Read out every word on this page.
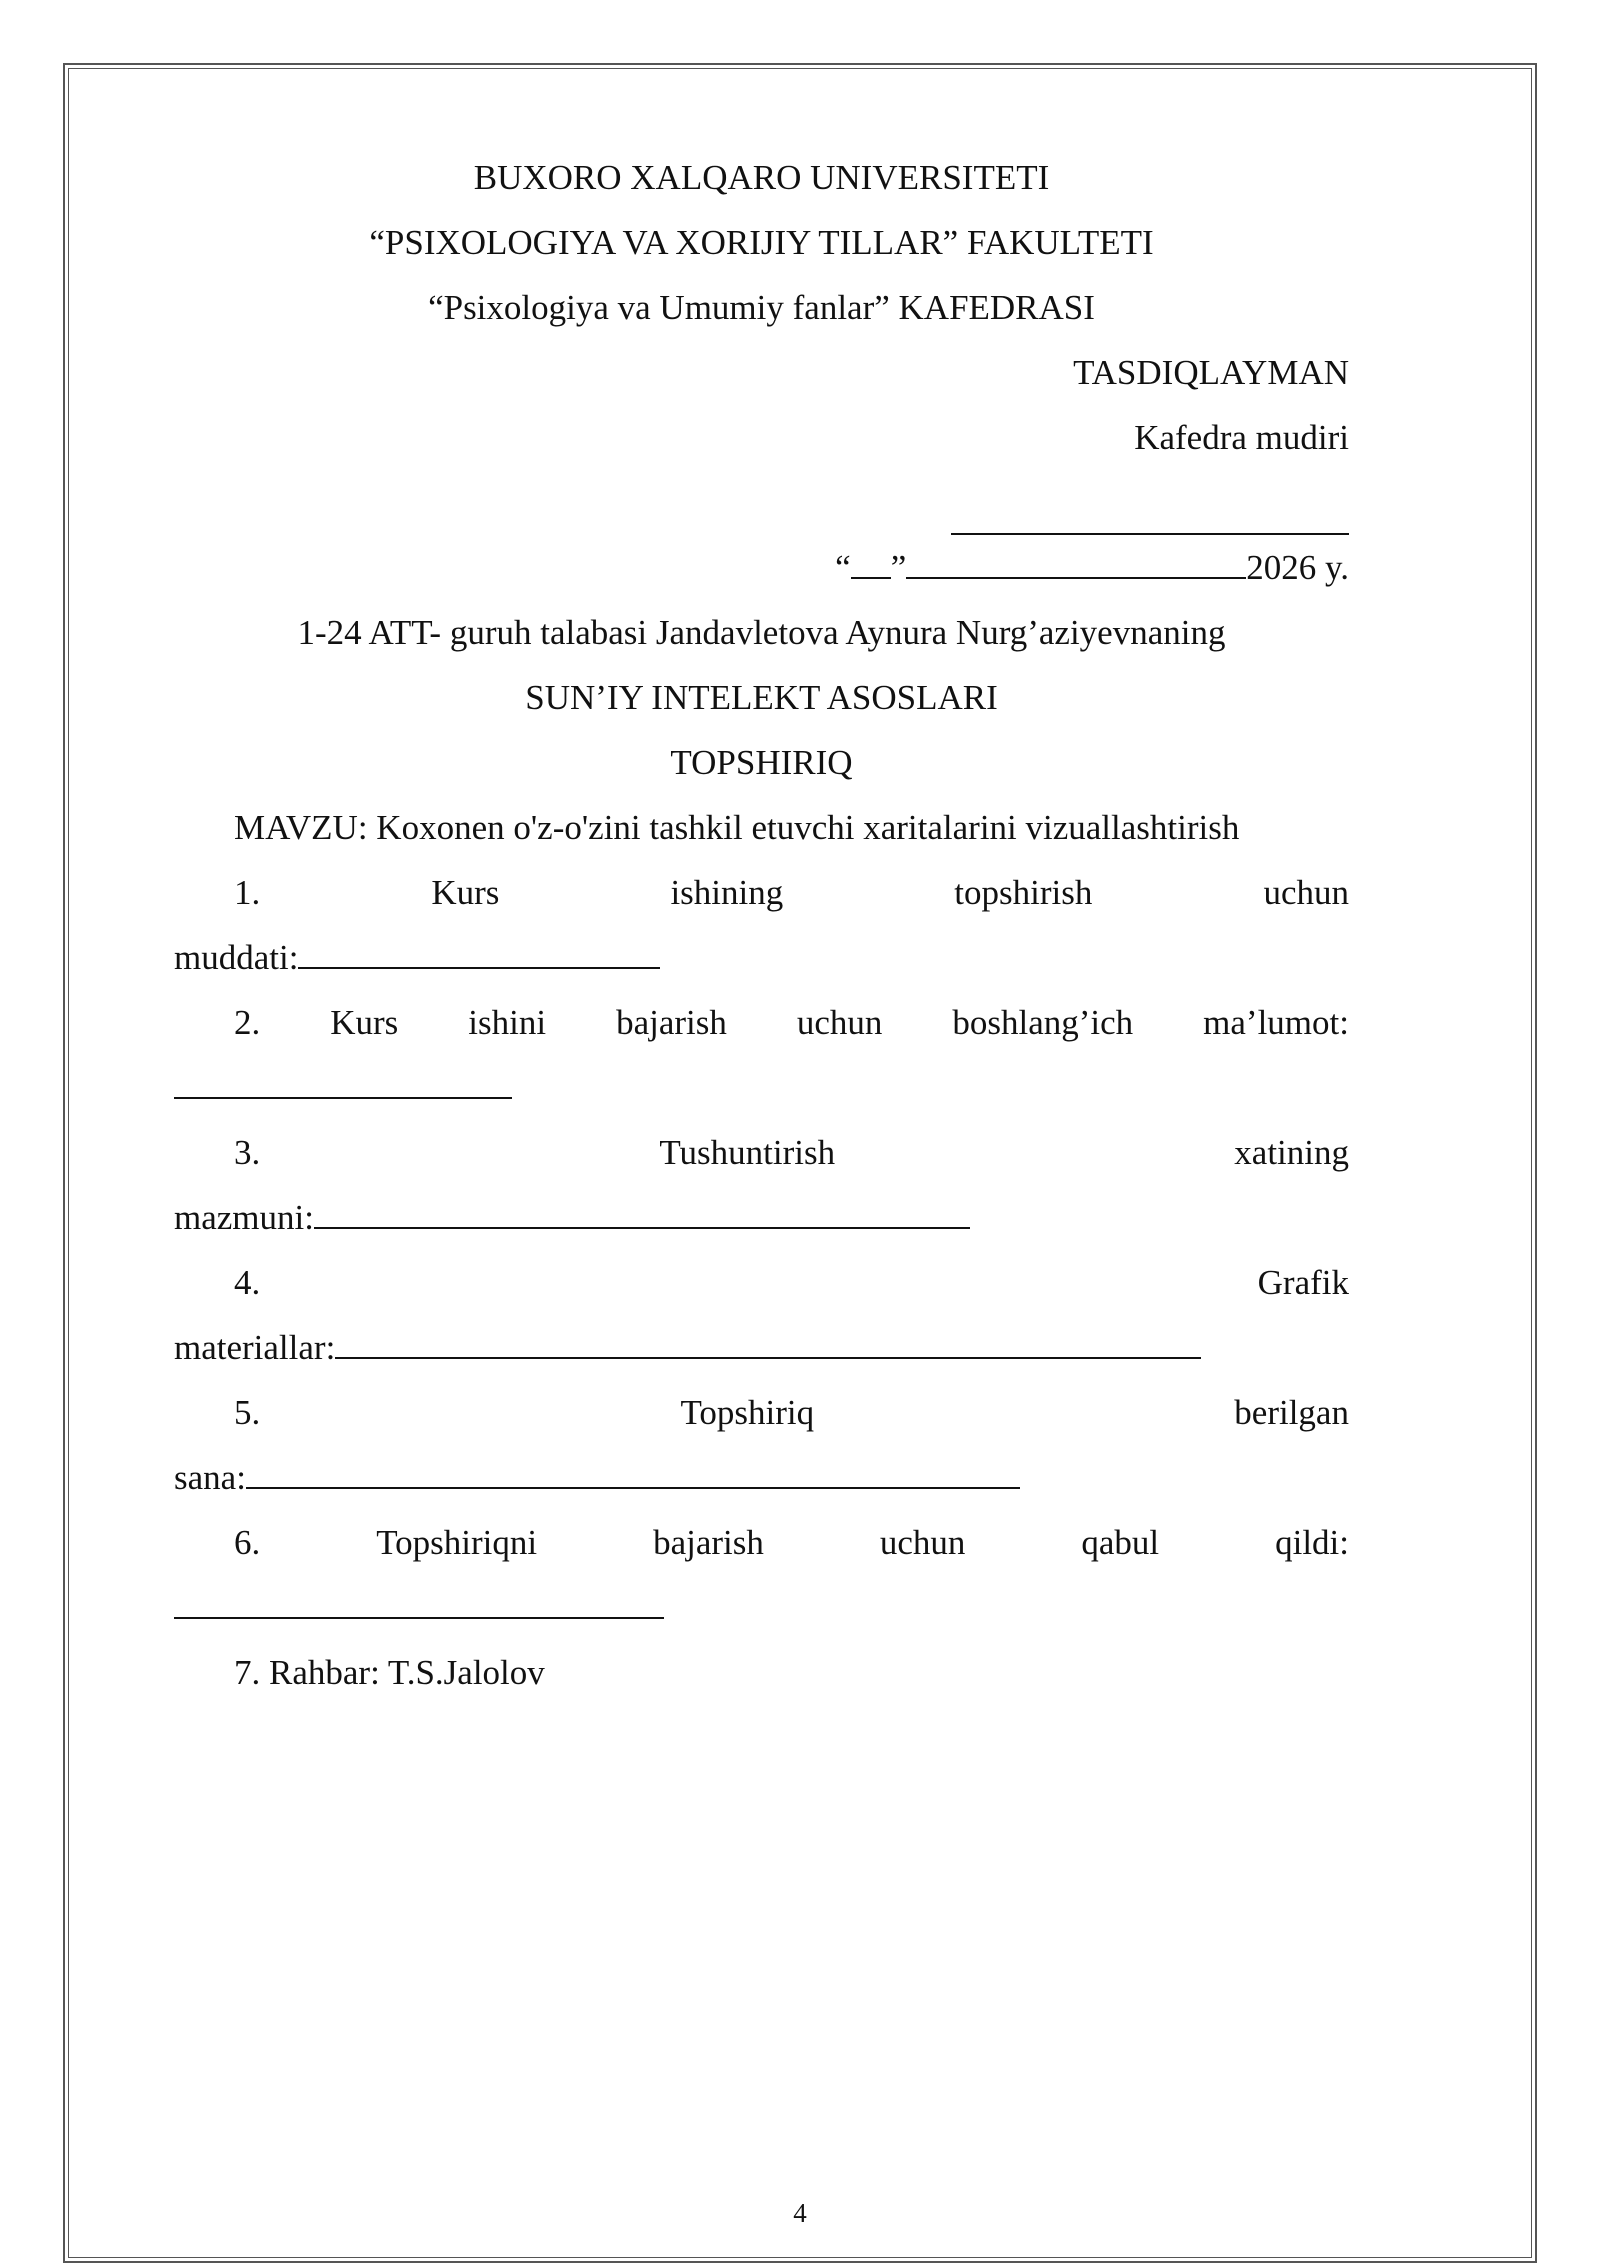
BUXORO XALQARO UNIVERSITETI
“PSIXOLOGIYA VA XORIJIY TILLAR” FAKULTETI
“Psixologiya va Umumiy fanlar” KAFEDRASI
TASDIQLAYMAN
Kafedra mudiri
“ ”	2026 y.
1-24 ATT- guruh talabasi Jandavletova Aynura Nurg’aziyevnaning
SUN’IY INTELEKT ASOSLARI
TOPSHIRIQ
MAVZU: Koxonen o'z-o'zini tashkil etuvchi xaritalarini vizuallashtirish
1.	Kurs	ishining	topshirish	uchun
muddati:
2. Kurs ishini bajarish uchun boshlang’ich ma’lumot:
3.	Tushuntirish	xatining
mazmuni:
4.	Grafik
materiallar:
5.	Topshiriq	berilgan
sana:
6.	Topshiriqni	bajarish	uchun	qabul	qildi:
7. Rahbar: T.S.Jalolov
4
